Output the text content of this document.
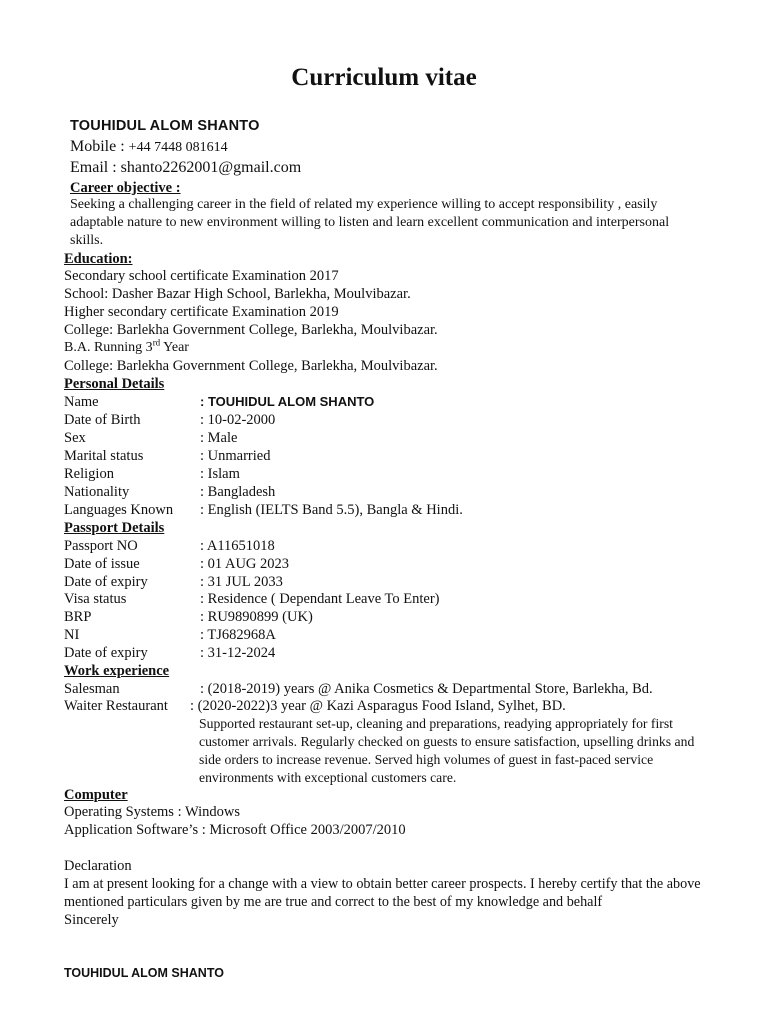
Curriculum vitae
TOUHIDUL ALOM SHANTO
Mobile : +44 7448 081614
Email : shanto2262001@gmail.com
Career objective :
Seeking a challenging career in the field of related my experience willing to accept responsibility , easily adaptable nature to new environment willing to listen and learn excellent communication and interpersonal skills.
Education:
Secondary school certificate Examination 2017
School: Dasher Bazar High School, Barlekha, Moulvibazar.
Higher secondary certificate Examination 2019
College: Barlekha Government College, Barlekha, Moulvibazar.
B.A. Running 3rd Year
College: Barlekha Government College, Barlekha, Moulvibazar.
Personal Details
Name	: TOUHIDUL ALOM SHANTO
Date of Birth	: 10-02-2000
Sex	: Male
Marital status	: Unmarried
Religion	: Islam
Nationality	: Bangladesh
Languages Known : English (IELTS Band 5.5), Bangla & Hindi.
Passport Details
Passport NO	: A11651018
Date of issue	: 01 AUG 2023
Date of expiry	: 31 JUL 2033
Visa status	: Residence ( Dependant Leave To Enter)
BRP	: RU9890899 (UK)
NI	: TJ682968A
Date of expiry	: 31-12-2024
Work experience
Salesman	: (2018-2019) years @ Anika Cosmetics & Departmental Store, Barlekha, Bd.
Waiter Restaurant : (2020-2022)3 year @ Kazi Asparagus Food Island, Sylhet, BD.
Supported restaurant set-up, cleaning and preparations, readying appropriately for first customer arrivals. Regularly checked on guests to ensure satisfaction, upselling drinks and side orders to increase revenue. Served high volumes of guest in fast-paced service environments with exceptional customers care.
Computer
Operating Systems : Windows
Application Software’s : Microsoft Office 2003/2007/2010
Declaration
I am at present looking for a change with a view to obtain better career prospects. I hereby certify that the above mentioned particulars given by me are true and correct to the best of my knowledge and behalf
Sincerely
TOUHIDUL ALOM SHANTO
